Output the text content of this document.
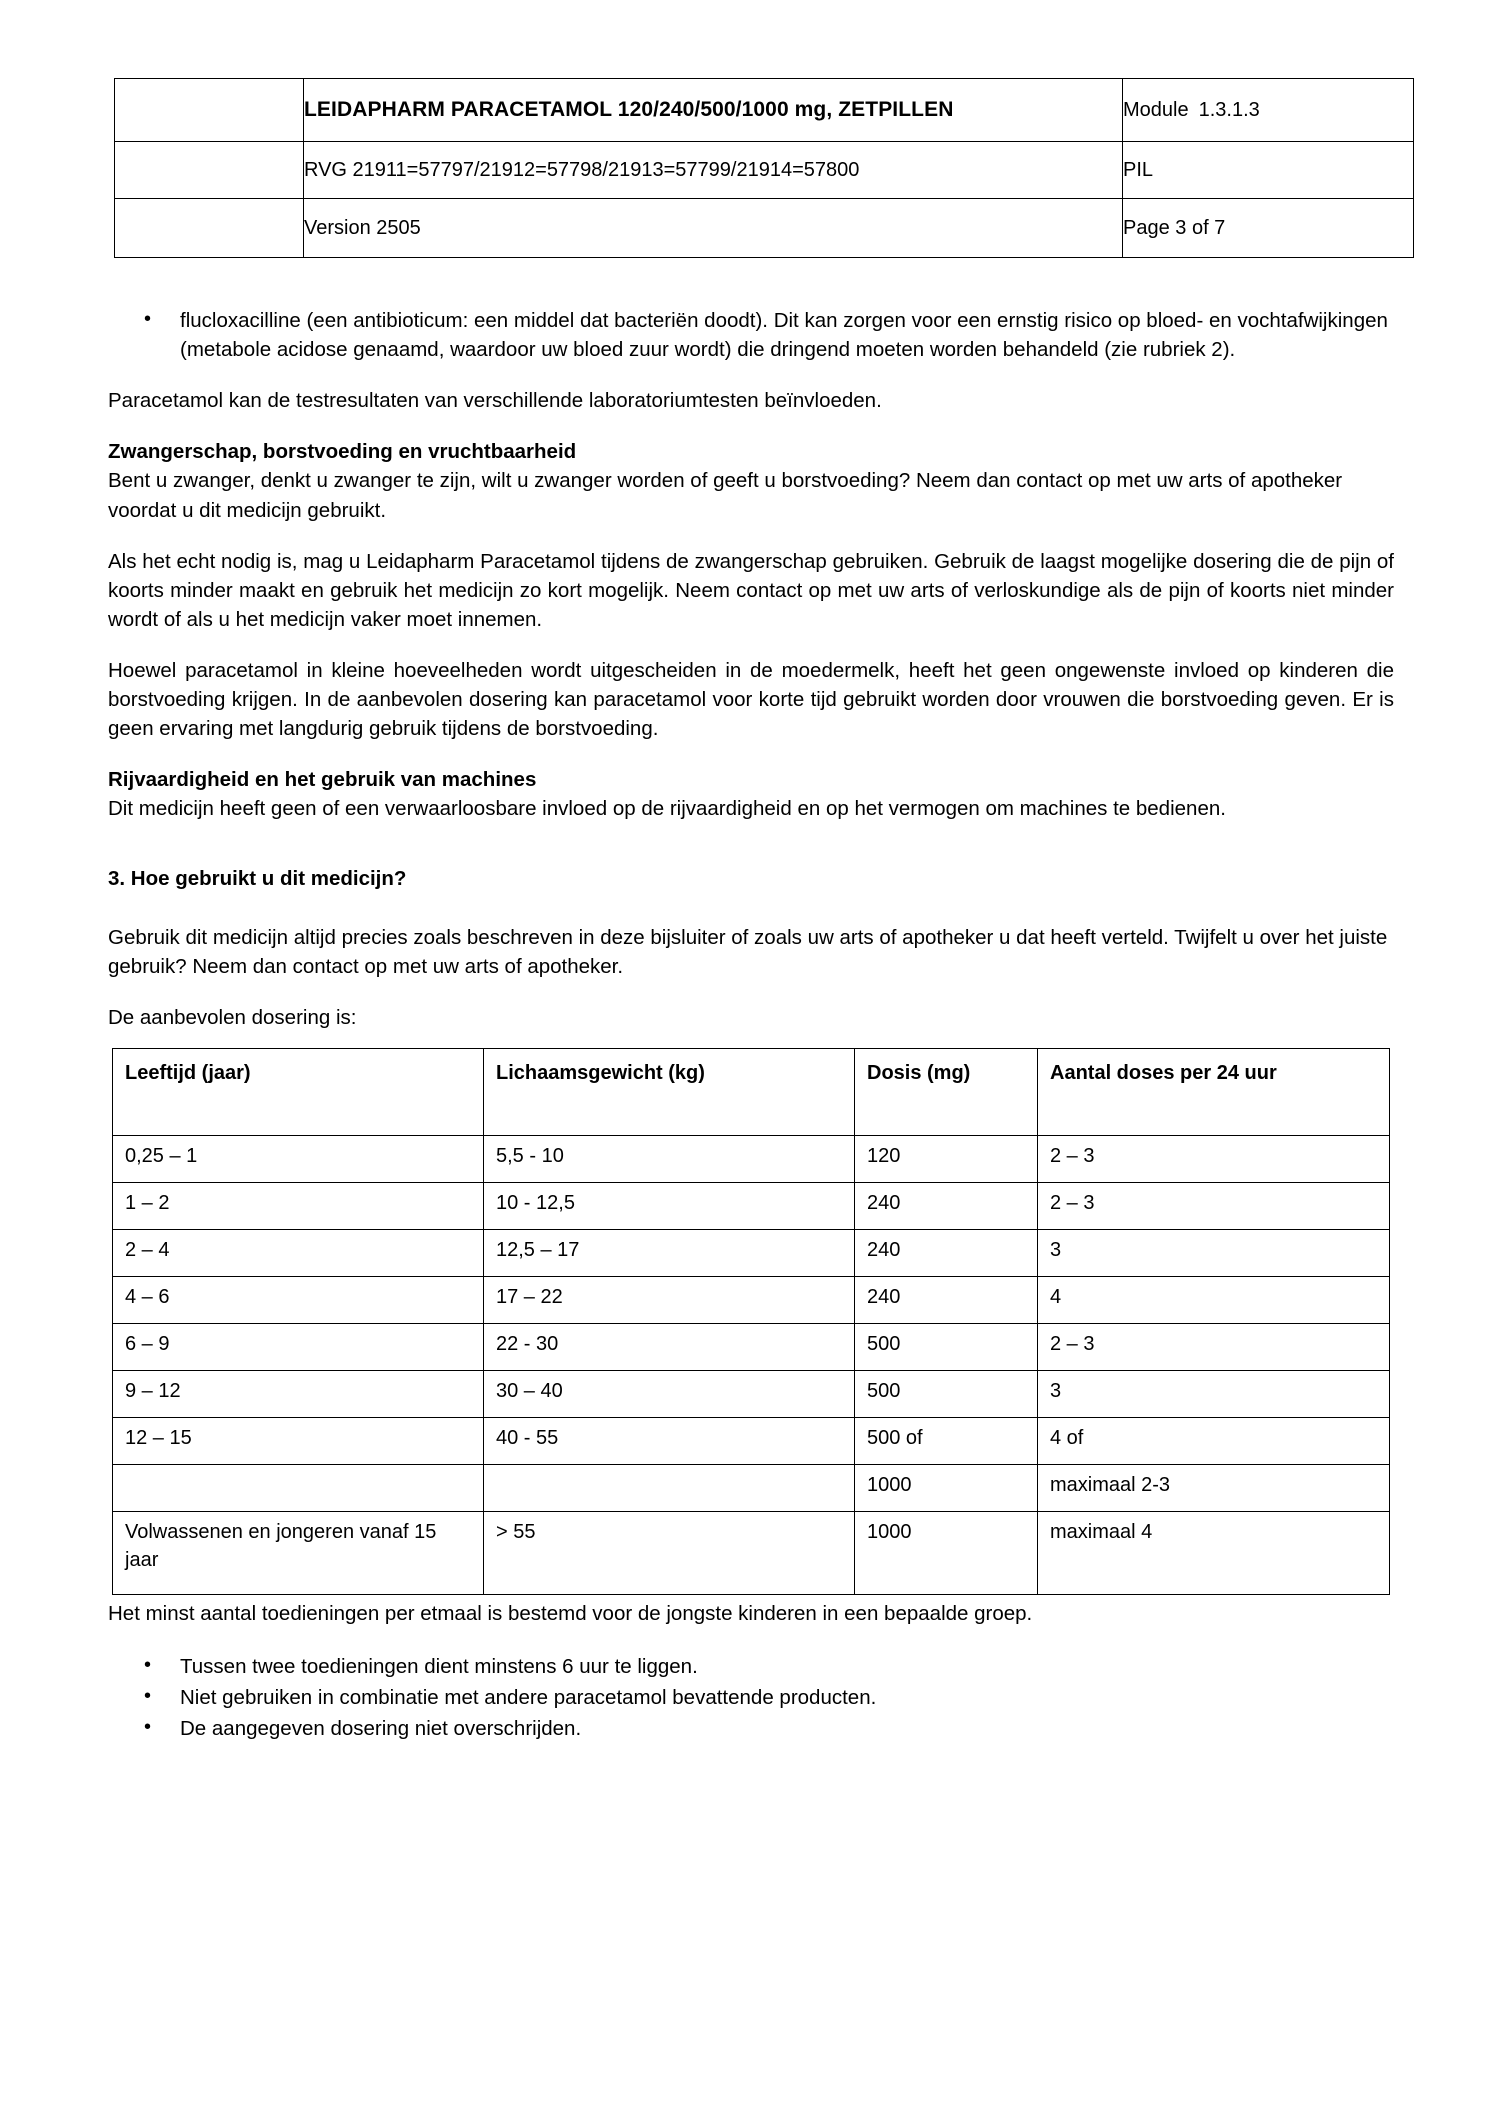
	LEIDAPHARM PARACETAMOL 120/240/500/1000 mg, ZETPILLEN	Module 1.3.1.3
	RVG 21911=57797/21912=57798/21913=57799/21914=57800	PIL
	Version 2505	Page 3 of 7
• flucloxacilline (een antibioticum: een middel dat bacteriën doodt). Dit kan zorgen voor een ernstig risico op bloed- en vochtafwijkingen (metabole acidose genaamd, waardoor uw bloed zuur wordt) die dringend moeten worden behandeld (zie rubriek 2).

Paracetamol kan de testresultaten van verschillende laboratoriumtesten beïnvloeden.

Zwangerschap, borstvoeding en vruchtbaarheid

Bent u zwanger, denkt u zwanger te zijn, wilt u zwanger worden of geeft u borstvoeding? Neem dan contact op met uw arts of apotheker voordat u dit medicijn gebruikt.

Als het echt nodig is, mag u Leidapharm Paracetamol tijdens de zwangerschap gebruiken. Gebruik de laagst mogelijke dosering die de pijn of koorts minder maakt en gebruik het medicijn zo kort mogelijk. Neem contact op met uw arts of verloskundige als de pijn of koorts niet minder wordt of als u het medicijn vaker moet innemen.

Hoewel paracetamol in kleine hoeveelheden wordt uitgescheiden in de moedermelk, heeft het geen ongewenste invloed op kinderen die borstvoeding krijgen. In de aanbevolen dosering kan paracetamol voor korte tijd gebruikt worden door vrouwen die borstvoeding geven. Er is geen ervaring met langdurig gebruik tijdens de borstvoeding.

Rijvaardigheid en het gebruik van machines

Dit medicijn heeft geen of een verwaarloosbare invloed op de rijvaardigheid en op het vermogen om machines te bedienen.

3. Hoe gebruikt u dit medicijn?

Gebruik dit medicijn altijd precies zoals beschreven in deze bijsluiter of zoals uw arts of apotheker u dat heeft verteld. Twijfelt u over het juiste gebruik? Neem dan contact op met uw arts of apotheker.

De aanbevolen dosering is:

Leeftijd (jaar)	Lichaamsgewicht (kg)	Dosis (mg)	Aantal doses per 24 uur
0,25 – 1	5,5 - 10	120	2 – 3
1 – 2	10 - 12,5	240	2 – 3
2 – 4	12,5 – 17	240	3
4 – 6	17 – 22	240	4
6 – 9	22 - 30	500	2 – 3
9 – 12	30 – 40	500	3
12 – 15	40 - 55	500 of	4 of
		1000	maximaal 2-3
Volwassenen en jongeren vanaf 15 jaar	> 55	1000	maximaal 4

Het minst aantal toedieningen per etmaal is bestemd voor de jongste kinderen in een bepaalde groep.

• Tussen twee toedieningen dient minstens 6 uur te liggen.
• Niet gebruiken in combinatie met andere paracetamol bevattende producten.
• De aangegeven dosering niet overschrijden.
